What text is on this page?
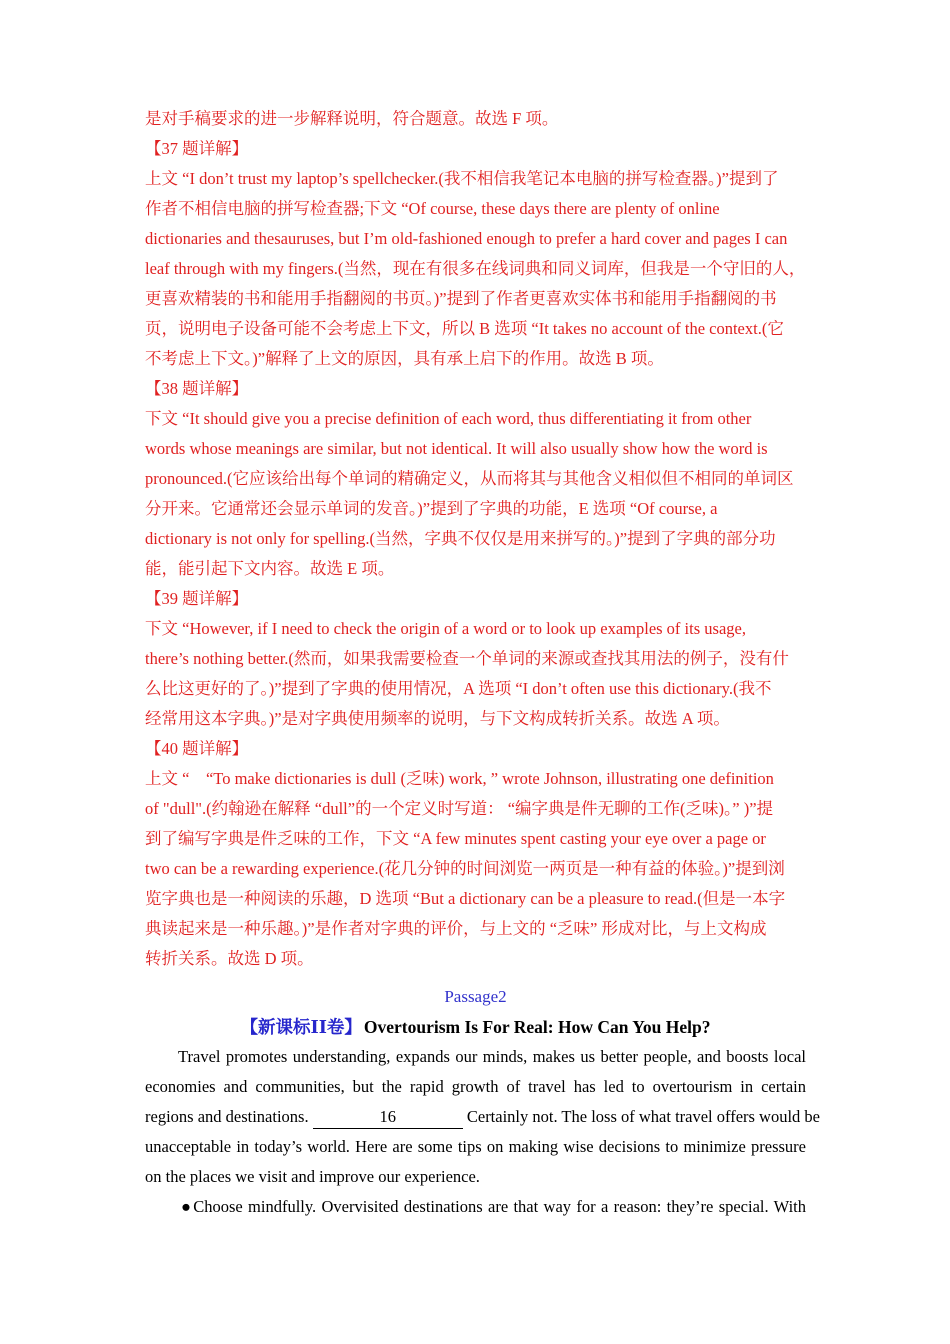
是对手稿要求的进一步解释说明，符合题意。故选 F 项。
【37 题详解】
上文 “I don’t trust my laptop’s spellchecker.(我不相信我笔记本电脑的拼写检查器。)”提到了
作者不相信电脑的拼写检查器;下文 “Of course, these days there are plenty of online
dictionaries and thesauruses, but I’m old-fashioned enough to prefer a hard cover and pages I can
leaf through with my fingers.(当然，现在有很多在线词典和同义词库，但我是一个守旧的人，
更喜欢精装的书和能用手指翻阅的书页。)”提到了作者更喜欢实体书和能用手指翻阅的书
页，说明电子设备可能不会考虑上下文，所以 B 选项 “It takes no account of the context.(它
不考虑上下文。)”解释了上文的原因，具有承上启下的作用。故选 B 项。
【38 题详解】
下文 “It should give you a precise definition of each word, thus differentiating it from other
words whose meanings are similar, but not identical. It will also usually show how the word is
pronounced.(它应该给出每个单词的精确定义，从而将其与其他含义相似但不相同的单词区
分开来。它通常还会显示单词的发音。)”提到了字典的功能，E 选项 “Of course, a
dictionary is not only for spelling.(当然，字典不仅仅是用来拼写的。)”提到了字典的部分功
能，能引起下文内容。故选 E 项。
【39 题详解】
下文 “However, if I need to check the origin of a word or to look up examples of its usage,
there’s nothing better.(然而，如果我需要检查一个单词的来源或查找其用法的例子，没有什
么比这更好的了。)”提到了字典的使用情况，A 选项 “I don’t often use this dictionary.(我不
经常用这本字典。)”是对字典使用频率的说明，与下文构成转折关系。故选 A 项。
【40 题详解】
上文 “　“To make dictionaries is dull (乏味) work, ” wrote Johnson, illustrating one definition
of "dull".(约翰逊在解释 “dull”的一个定义时写道： “编字典是件无聊的工作(乏味)。” )”提
到了编写字典是件乏味的工作，下文 “A few minutes spent casting your eye over a page or
two can be a rewarding experience.(花几分钟的时间浏览一两页是一种有益的体验。)”提到浏
览字典也是一种阅读的乐趣，D 选项 “But a dictionary can be a pleasure to read.(但是一本字
典读起来是一种乐趣。)”是作者对字典的评价，与上文的 “乏味” 形成对比，与上文构成
转折关系。故选 D 项。
Passage2
【新课标ⅠⅠ卷】 Overtourism Is For Real: How Can You Help?
Travel promotes understanding, expands our minds, makes us better people, and boosts local
economies and communities, but the rapid growth of travel has led to overtourism in certain
regions and destinations.	16	Certainly not. The loss of what travel offers would be
unacceptable in today’s world. Here are some tips on making wise decisions to minimize pressure
on the places we visit and improve our experience.
●Choose mindfully. Overvisited destinations are that way for a reason: they’re special. With
